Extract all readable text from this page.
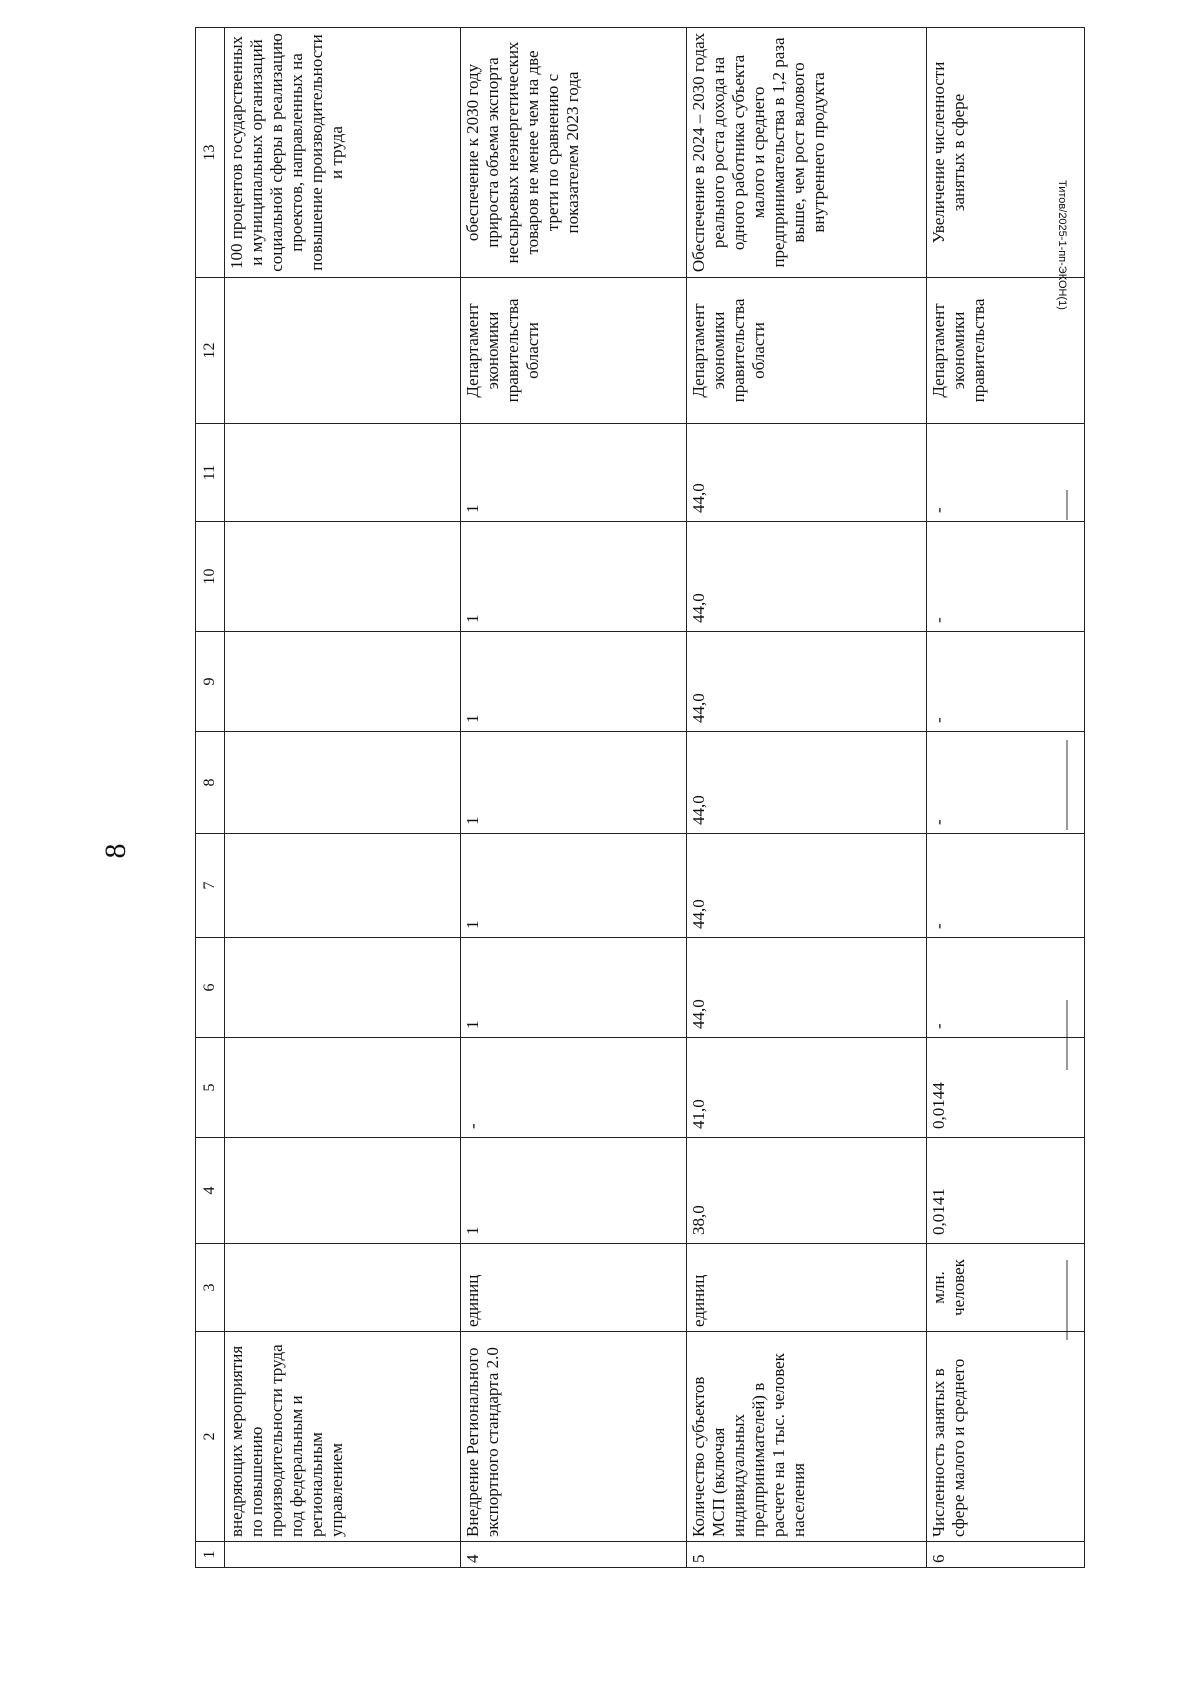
8
Титов/2025-1-пп-ЭКОН(1)
1	2	3	4	5	6	7	8	9	10	11	12	13
	внедряющих мероприятия по повышению производительности труда под федеральным и региональным управлением											100 процентов государственных и муниципальных организаций социальной сферы в реализацию проектов, направленных на повышение производительности и труда
4	Внедрение Регионального экспортного стандарта 2.0	единиц	1	-	1	1	1	1	1	1	Департамент экономики правительства области	обеспечение к 2030 году прироста объема экспорта несырьевых неэнергетических товаров не менее чем на две трети по сравнению с показателем 2023 года
5	Количество субъектов МСП (включая индивидуальных предпринимателей) в расчете на 1 тыс. человек населения	единиц	38,0	41,0	44,0	44,0	44,0	44,0	44,0	44,0	Департамент экономики правительства области	Обеспечение в 2024 – 2030 годах реального роста дохода на одного работника субъекта малого и среднего предпринимательства в 1,2 раза выше, чем рост валового внутреннего продукта
6	Численность занятых в сфере малого и среднего	млн. человек	0,0141	0,0144	-	-	-	-	-	-	Департамент экономики правительства	Увеличение численности занятых в сфере
